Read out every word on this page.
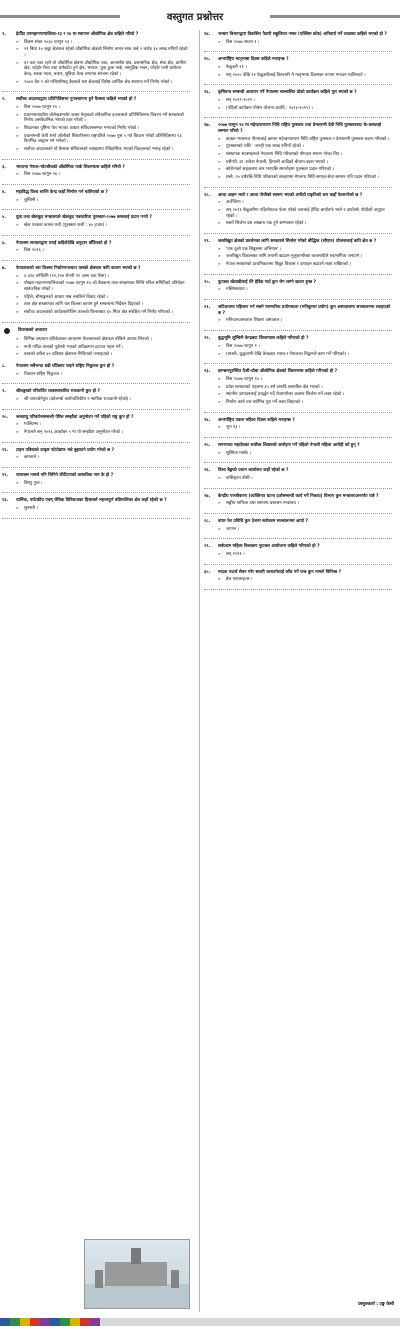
वस्तुगत प्रश्नोत्तर
९.	हेटौँडा उपमहानगरपालिका-१३ र १४ मा स्थापना औद्योगिक क्षेत्र कहिले गरियो ?

» विक्रम संवत २०३० फागुन १३ ।

» १९ बिघा १० कठ्ठा क्षेत्रफल रहेको औद्योगिक क्षेत्रको निर्माण लागत सात अर्ब २ करोड ३४ लाख रुपियाँ रहेको ।

» ६२ वटा प्लट रहने यो औद्योगिक क्षेत्रमा औद्योगिक प्लट, आवासीय क्षेत्र, प्रशासनिक क्षेत्र, सेवा क्षेत्र, ग्रामीण क्षेत्र, फोहोर मैला तथा धर्मकाँटा हुने क्षेत्र, भण्डार, युवा ठुला पार्क, सामूहिक भवन, फोहोर पानी प्रशोधन केन्द्र, सडक नाला, बजार, सुविधा केन्द्र लगायत संरचना रहेको ।

» २०७२ चैत १ को मन्त्रिपरिषद् बैठकले यस क्षेत्रलाई विशेष आर्थिक क्षेत्र स्थापना गर्ने निर्णय गरेको ।

२.	सर्वोच्च अदालतद्वारा प्रतिनिधिसभा पुनःस्थापना हुने फैसला कहिले भएको हो ?

» विस २०७७ फागुन ११ ।

» प्रधानन्यायाधीश चोलेन्द्रशमशेर जबरा नेतृत्वको संवैधानिक इजलासले प्रतिनिधिसभा विघटन गर्ने सरकारको निर्णय असंवैधानिक भएको ठहर गरेको ।

» विघटनका पुष्टिमा पेश भएका आधार संविधानसम्मत नभएको निर्णय गरेको ।

» प्रधानमन्त्री केपी शर्मा ओलीको सिफारिसमा राष्ट्रपतिले २०७७ पुस ५ गते विघटन गरेको प्रतिनिधिसभा १३ दिनभित्र आह्वान गर्न भनेको ।

» सर्वोच्च अदालतको यो फैसला संविधानको व्याख्यामा ऐतिहासिक भएको विज्ञहरूको भनाइ रहेको ।

३.	भारतमा नेपाल-भोटबीचको औद्योगिक पार्क शिलान्यास कहिले गरियो ?

» विस २०७७ फागुन ५६ ।

४.	महाविद्ध विश्व शान्ति केन्द्र कहाँ निर्माण गर्न थालिएको छ ?

» लुम्बिनी ।

५.	युवा तथा खेलकूद मन्त्रालयले खेलकूद पत्रकारिता पुरस्कार-२०७७ कसलाई प्रदान गर्‍यो ?

» खेल पत्रकार कमल जवी (पुरस्कार राशी : ४० हजार) ।

६.	नेपालमा सरकारद्वारा तराई कहिलेदेखि अनुदान बाँडिएको हो ?

» विस २०१६ ।

७.	फेवातालको चार किल्ला निर्धारणपश्चात यसको क्षेत्रफल कति कायम भएको छ ?

» ४.३९६ वर्गकिमि (११,१२४ रोपनी २१ आना एक पैसा) ।

» पोखरा महानगरपालिकाको २०७७ फागुन १६ को बैठकमा ताल संरक्षणका निम्ति गठित समितिको प्रतिवेदन सार्वजनिक गरेको ।

» पहिले, सीमाङ्कनको आधार मान्न नसकिने विवाद रहेको ।

» ताल क्षेत्र संरक्षणका लागि चार किल्ला कायम हुने सम्बन्धमा निर्देशन दिइएको ।

» सर्वोच्च अदालतको आदेशबमोजिम तालको किनारबाट ६५ मिटर क्षेत्र संरक्षित गर्ने निर्णय गरिएको ।

वितरकको अध्ययन

» विभिन्न अध्ययन प्रतिवेदनका आधारमा फेवातालको क्षेत्रफल तोकिने आधार लिएको ।

» नापी गरिँदा तालको पूर्वतर्फ भएको अतिक्रमण हटाउन पहल गर्ने ।

» तालको करिब ४० प्रतिशत क्षेत्रफल मिचिएको जनाइएको ।

८.	नेपालमा सबैभन्दा बढी घाँटेछाप पाइने राष्ट्रिय निकुञ्ज कुन हो ?

» चितवन राष्ट्रिय निकुञ्ज ।

९.	श्रीलङ्काको परिवर्तित व्यवस्थापकीय राजधानी कुन हो ?

» श्री जयवर्धनेपुरा (कोलम्बो कार्यपालिकीय र न्यायिक राजधानी रहेको) ।

१०.	जलवायु परिवर्तनसम्बन्धी पेरिस सम्झौता अनुमोदन गर्ने पहिलो राष्ट्र कुन हो ?

» माल्दिभ्स ।

» नेपालले सन् २०१६ अक्टोबर ५ मा यो सम्झौता अनुमोदन गरेको ।

११.	टाइम पत्रिकाले उत्कृष्ट फोटोग्राफ भन्ने बुझाउने प्रयोग गरेको छ ?

» क्षमताले ।

१२.	चापाबस नामले पनि चिनिने कीटिटपको वास्तविक नाम के हो ?

» विष्णु गुप्त ।

१३.	धार्मिक, पर्यटकीय एवम् जैविक विविधताका हिसाबले महत्त्वपूर्ण बडिमालिका क्षेत्र कहाँ रहेको छ ?

» सुनसरी ।

१४.	भन्सार विभागद्वारा विकसित पैठारी सहूलियत नम्बर (एक्जिम कोड) अनिवार्य गर्ने व्यवस्था कहिले भएको हो ?

» विस २०७७ साउन १ ।

१५.	अन्तर्राष्ट्रिय मातृभाषा दिवस कहिले मनाइन्छ ?

» फेब्रुअरी २१ ।

» सन् २००० देखि २१ फेब्रुअरीलाई विश्वभरि नै मातृभाषा दिवसका रूपमा मनाउन थालिएको ।

१६.	कृषियन्त्र सम्बन्धी अध्ययन गर्ने नेपालमा सञ्चालित डोको कार्यक्रम कहिले पूरा भएको छ ?

» सन् २०१९-२०२१ ।

» (पहिलो कार्यक्रम पोषण योजना अवधि : २०१३-२०१५) ।

१७.	२०७७ फागुन १४ मा महेन्द्रनारायण निधि राष्ट्रिय पुरस्कार तथा प्रेमशरणी देवी निधि पुरस्कारबाट के-कसलाई सम्मान गरियो ?

» डाक्टर भरतराज गौतमलाई क्रमशः महेन्द्रनारायण निधि राष्ट्रिय पुरस्कार र प्रेमशरणी पुरस्कार प्रदान गरिएको ।

» पुरस्कारको राशि : जनही एक लाख रुपियाँ रहेको ।

» संस्थापक सदस्यहरूले नेपालमा निधि परिवारको योगदान स्मरण गरेका थिए ।

» यसैगरी, डा. राकेश नेपाली, हिमाली आदिको बीचमा बहस भएको ।

» कोरोनाको सङ्क्रमण कम भएपछि समारोहमा पुरस्कार प्रदान गरिएको ।

» यस्तै, २० वर्षपछि निधि परिवारको संरक्षणमा मेघनाथ निधि समाज-सेवा सम्मान पनि प्रदान गरिएको ।

१८.	आधा आइन भाले र आधा पोथीको स्वरूप भएको अनौठो प्रकृतिको चरा कहाँ फेलापरेको छ ?

» अर्जेन्टिना ।

» सन् २०२१ फेब्रुअरीमा पहिलोपटक फेला परेको चरालाई हेरिँदा बायाँतर्फ भाले र दायाँतर्फ पोथीको अनुहार रहेको ।

» यस्तो सिर्जना दश लाखमा एक हुने सम्भावना रहेको ।

१९.	जलविद्युत क्षेत्रको प्रवर्धनका लागि सरकारले सिर्जना गरेको बौद्धिक (सीएफ) योजनालाई कति क्षेत्र छ ?

» 'एक ठूलो एक सिङ्कसमा अभियान' ।

» जलविद्युत विकासका लागि लगानी बढाउन मुलुकभरिका व्यवसायीले सहभागिता जनाउने ।

» नेपाल सरकारको प्राथमिकतामा विद्युत विकास र उत्पादन बढाउने लक्ष्य राखिएको ।

२०.	फुटबल खेलाडीलाई धेरै हेडिङ गर्दा कुन रोग लाग्ने खतरा हुन्छ ?

» मस्तिष्कघात ।

२१.	जटिलतामा पहिचान गर्न सक्ने पारम्परिक प्रयोगशाला (मनिकुमार प्रयोग) कुन अस्पतालमा सञ्चालनमा ल्याइएको छ ?

» मनिपालअस्पताल शिक्षण अस्पताल ।

२२.	बुद्धभूमि लुम्बिनी केन्द्रबाट शिलान्यास कहिले गरिएको हो ?

» विस २०७७ फागुन १ ।

» (त्यस्ती, बुद्धवाणी देखि केन्द्रबाट भारत र नेपालका विद्वानले काम गर्ने गरिएको) ।

२३.	कान्छनपुरस्थित दैजी-धोबा औद्योगिक क्षेत्रको शिलान्यास कहिले गरिएको हो ?

» विस २०७७ फागुन १० ।

» प्रदेश सरकारको पहलमा ३५ वर्ष अगाडि प्रस्तावित क्षेत्र भएको ।

» स्थानीय उत्पादनलाई प्रवर्द्धन गर्दै रोजगारीका अवसर सिर्जना गर्ने लक्ष्य रहेको ।

» निर्माण कार्य चार वर्षभित्र पूरा गर्ने लक्ष्य लिइएको ।

२४.	अन्तर्राष्ट्रिय एकल महिला दिवस कहिले मनाइन्छ ?

» जुन २३ ।

२५.	सगरमाथा महादेवका सर्वोच्च शिखरको आरोहण गर्ने पहिलो नेपाली महिला आरोही को हुन् ?

» सुस्मिता मास्के ।

२६.	विश्व बैङ्कको प्रधान कार्यालय कहाँ रहेको छ ?

» वासिङ्टन डीसी ।

२७.	केन्द्रीय पञ्जीकरण (व्यक्तिगत घटना दर्तासम्बन्धी कार्य गर्ने निकाय) विभाग कुन मन्त्रालयअन्तर्गत पर्छ ?

» सङ्घीय मामिला तथा सामान्य प्रशासन मन्त्रालय ।

२८.	वायर रेल प्रविधि कुन देशमा सर्वप्रथम सञ्चालनमा आयो ?

» जापान ।

२९.	सर्वप्रथम महिला विश्वकप फुटबल आयोजना कहिले गरिएको हो ?

» सन् १९९१ ।

३०.	मादक पदार्थ सेवन गरेर सवारी चलाउनेलाई जाँच गर्ने यन्त्र कुन नामले चिनिन्छ ?

» ब्रेथ एनालाइजर ।

प्रस्तुतकर्ता : टङ्क केसी
